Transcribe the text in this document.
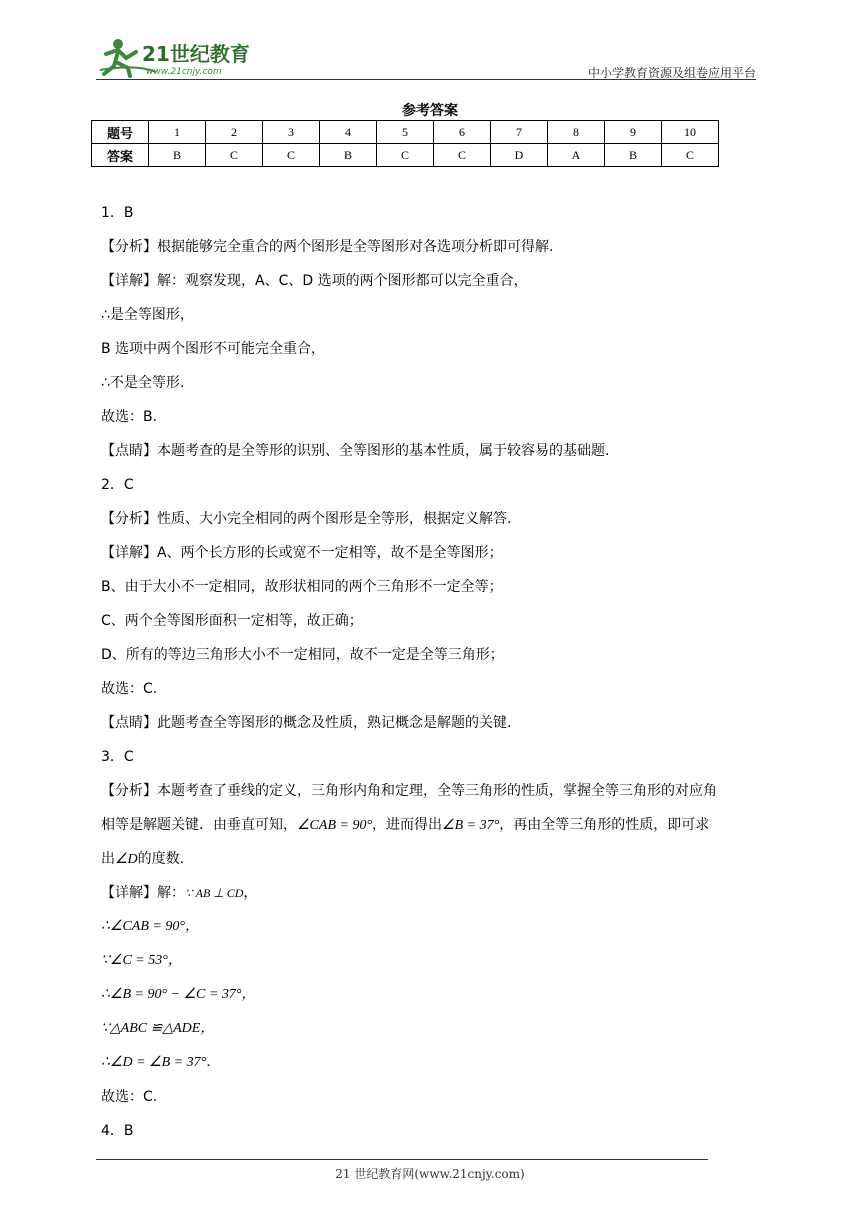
21世纪教育
www.21cnjy.com	中小学教育资源及组卷应用平台
参考答案
题号	1	2	3	4	5	6	7	8	9	10
答案	B	C	C	B	C	C	D	A	B	C
1．B
【分析】根据能够完全重合的两个图形是全等图形对各选项分析即可得解.
【详解】解：观察发现，A、C、D 选项的两个图形都可以完全重合，
∴是全等图形，
B 选项中两个图形不可能完全重合，
∴不是全等形.
故选：B.
【点睛】本题考查的是全等形的识别、全等图形的基本性质，属于较容易的基础题.
2．C
【分析】性质、大小完全相同的两个图形是全等形，根据定义解答.
【详解】A、两个长方形的长或宽不一定相等，故不是全等图形；
B、由于大小不一定相同，故形状相同的两个三角形不一定全等；
C、两个全等图形面积一定相等，故正确；
D、所有的等边三角形大小不一定相同，故不一定是全等三角形；
故选：C.
【点睛】此题考查全等图形的概念及性质，熟记概念是解题的关键.
3．C
【分析】本题考查了垂线的定义，三角形内角和定理，全等三角形的性质，掌握全等三角形的对应角
相等是解题关键．由垂直可知，∠CAB = 90°，进而得出∠B = 37°，再由全等三角形的性质，即可求
出∠D的度数.
【详解】解：∵ AB ⊥ CD，
∴∠CAB = 90°，
∵∠C = 53°，
∴∠B = 90° − ∠C = 37°，
∵△ABC ≌△ADE，
∴∠D = ∠B = 37°．
故选：C.
4．B
21 世纪教育网(www.21cnjy.com)
